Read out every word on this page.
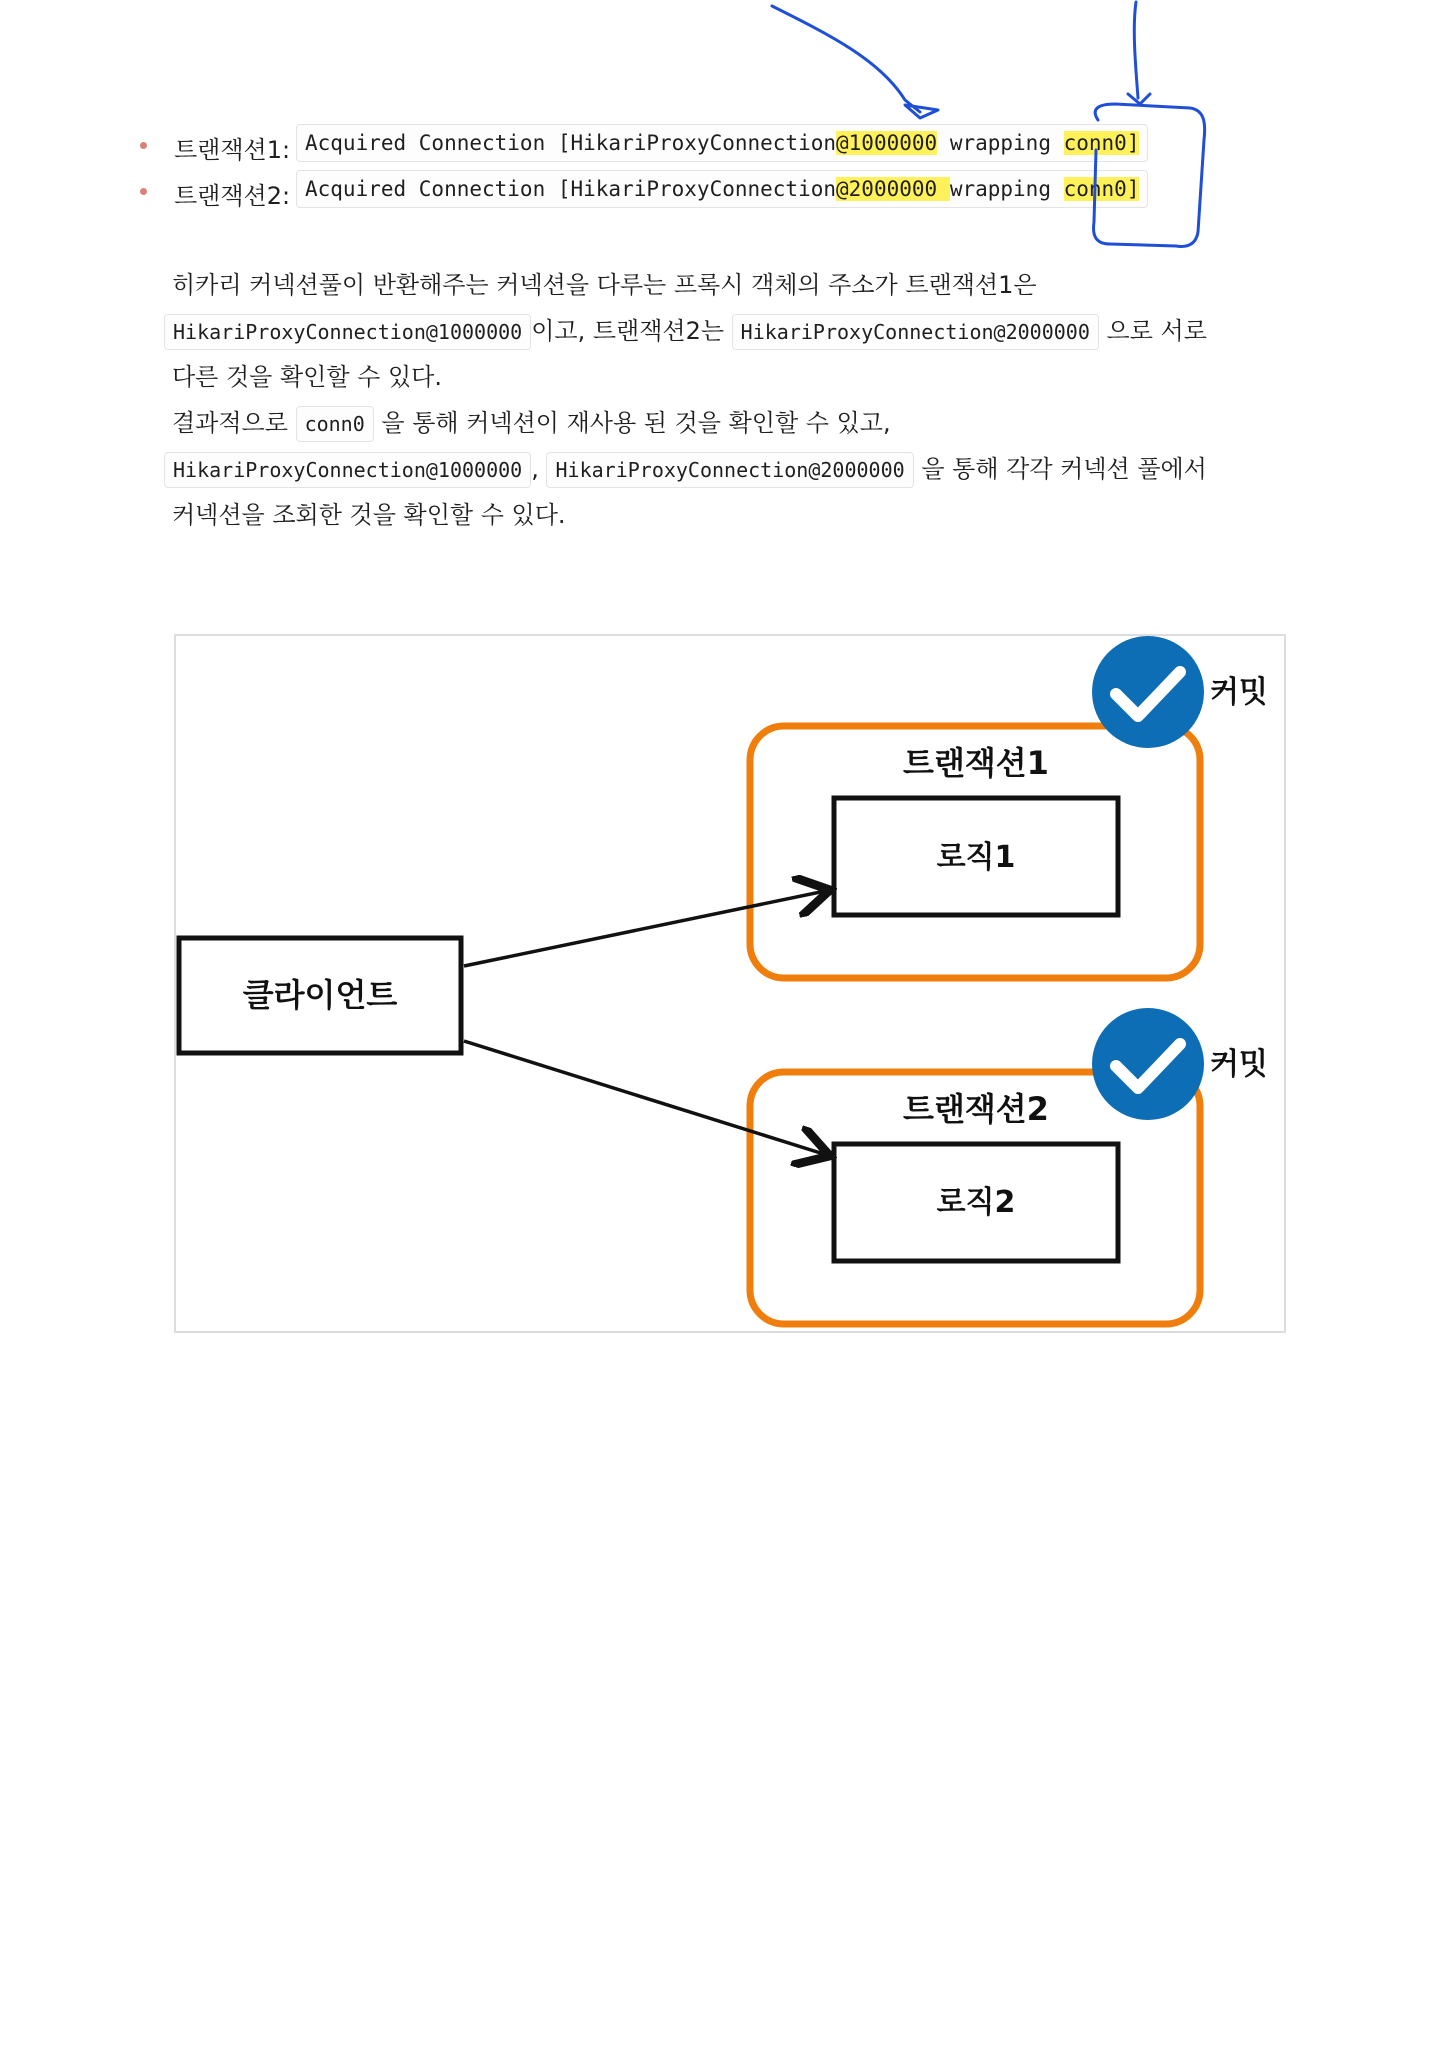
트랜잭션1: Acquired Connection [HikariProxyConnection@1000000 wrapping conn0]
트랜잭션2: Acquired Connection [HikariProxyConnection@2000000 wrapping conn0]
히카리 커넥션풀이 반환해주는 커넥션을 다루는 프록시 객체의 주소가 트랜잭션1은
HikariProxyConnection@1000000 이고, 트랜잭션2는 HikariProxyConnection@2000000 으로 서로
다른 것을 확인할 수 있다.
결과적으로 conn0 을 통해 커넥션이 재사용 된 것을 확인할 수 있고,
HikariProxyConnection@1000000 , HikariProxyConnection@2000000 을 통해 각각 커넥션 풀에서
커넥션을 조회한 것을 확인할 수 있다.
클라이언트
트랜잭션1
로직1
트랜잭션2
로직2
커밋
커밋
